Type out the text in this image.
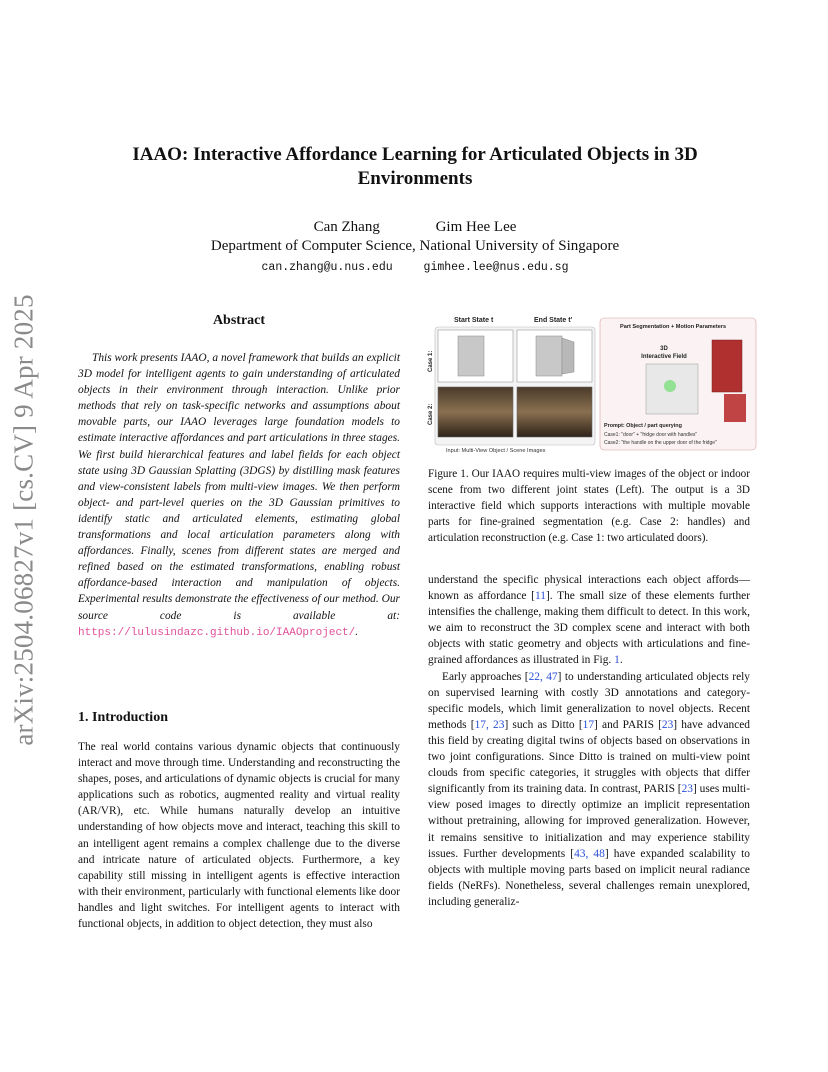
arXiv:2504.06827v1 [cs.CV] 9 Apr 2025
IAAO: Interactive Affordance Learning for Articulated Objects in 3D
Environments
Can Zhang	Gim Hee Lee
Department of Computer Science, National University of Singapore
can.zhang@u.nus.edu	gimhee.lee@nus.edu.sg
Abstract

This work presents IAAO, a novel framework that builds an explicit 3D model for intelligent agents to gain understanding of articulated objects in their environment through interaction. Unlike prior methods that rely on task-specific networks and assumptions about movable parts, our IAAO leverages large foundation models to estimate interactive affordances and part articulations in three stages. We first build hierarchical features and label fields for each object state using 3D Gaussian Splatting (3DGS) by distilling mask features and view-consistent labels from multi-view images. We then perform object- and part-level queries on the 3D Gaussian primitives to identify static and articulated elements, estimating global transformations and local articulation parameters along with affordances. Finally, scenes from different states are merged and refined based on the estimated transformations, enabling robust affordance-based interaction and manipulation of objects. Experimental results demonstrate the effectiveness of our method. Our source code is available at: https://lulusindazc.github.io/IAAOproject/.

1. Introduction

The real world contains various dynamic objects that continuously interact and move through time. Understanding and reconstructing the shapes, poses, and articulations of dynamic objects is crucial for many applications such as robotics, augmented reality and virtual reality (AR/VR), etc. While humans naturally develop an intuitive understanding of how objects move and interact, teaching this skill to an intelligent agent remains a complex challenge due to the diverse and intricate nature of articulated objects. Furthermore, a key capability still missing in intelligent agents is effective interaction with their environment, particularly with functional elements like door handles and light switches. For intelligent agents to interact with functional objects, in addition to object detection, they must also

Start State t	End State t'
Case 1:
Case 2:
Input: Multi-View Object / Scene Images
Part Segmentation + Motion Parameters
3D
Interactive Field
Prompt: Object / part querying
Case1: "door" + "fridge door with handles"
Case2: "the handle on the upper door of the fridge"
Figure 1. Our IAAO requires multi-view images of the object or indoor scene from two different joint states (Left). The output is a 3D interactive field which supports interactions with multiple movable parts for fine-grained segmentation (e.g. Case 2: handles) and articulation reconstruction (e.g. Case 1: two articulated doors).

understand the specific physical interactions each object affords—known as affordance [11]. The small size of these elements further intensifies the challenge, making them difficult to detect. In this work, we aim to reconstruct the 3D complex scene and interact with both objects with static geometry and objects with articulations and fine-grained affordances as illustrated in Fig. 1.

Early approaches [22, 47] to understanding articulated objects rely on supervised learning with costly 3D annotations and category-specific models, which limit generalization to novel objects. Recent methods [17, 23] such as Ditto [17] and PARIS [23] have advanced this field by creating digital twins of objects based on observations in two joint configurations. Since Ditto is trained on multi-view point clouds from specific categories, it struggles with objects that differ significantly from its training data. In contrast, PARIS [23] uses multi-view posed images to directly optimize an implicit representation without pretraining, allowing for improved generalization. However, it remains sensitive to initialization and may experience stability issues. Further developments [43, 48] have expanded scalability to objects with multiple moving parts based on implicit neural radiance fields (NeRFs). Nonetheless, several challenges remain unexplored, including generaliz-
